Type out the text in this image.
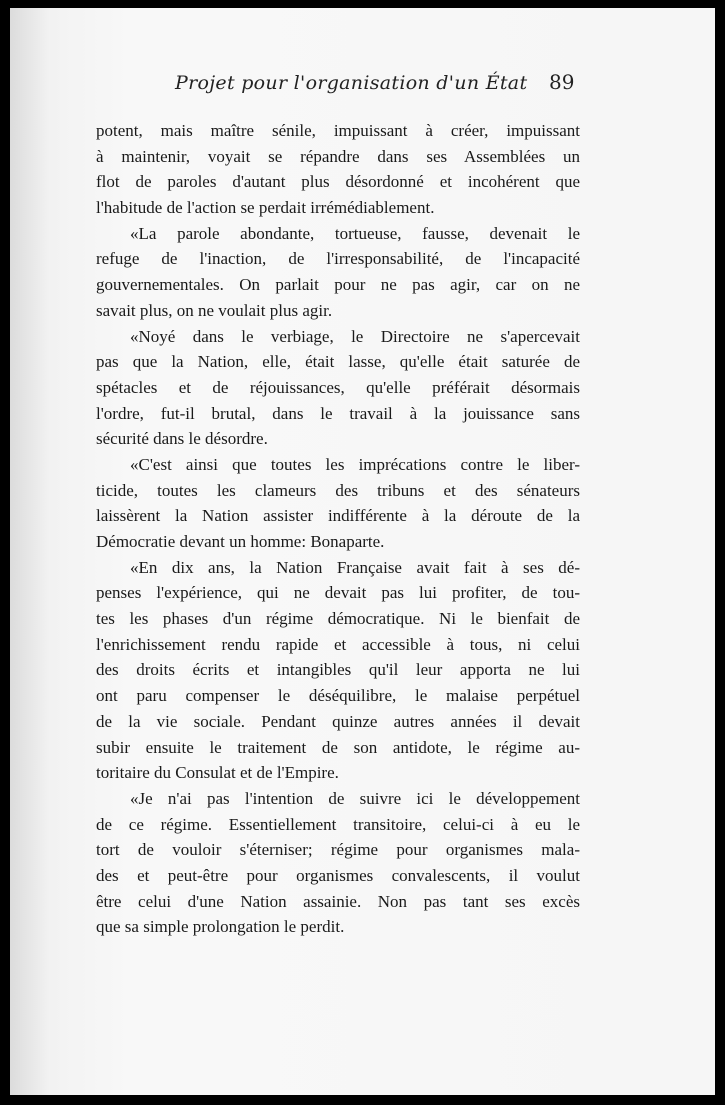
Projet pour l'organisation d'un État 89
potent, mais maître sénile, impuissant à créer, impuissant
à maintenir, voyait se répandre dans ses Assemblées un
flot de paroles d'autant plus désordonné et incohérent que
l'habitude de l'action se perdait irrémédiablement.
«La parole abondante, tortueuse, fausse, devenait le
refuge de l'inaction, de l'irresponsabilité, de l'incapacité
gouvernementales. On parlait pour ne pas agir, car on ne
savait plus, on ne voulait plus agir.
«Noyé dans le verbiage, le Directoire ne s'apercevait
pas que la Nation, elle, était lasse, qu'elle était saturée de
spétacles et de réjouissances, qu'elle préférait désormais
l'ordre, fut-il brutal, dans le travail à la jouissance sans
sécurité dans le désordre.
«C'est ainsi que toutes les imprécations contre le liber-
ticide, toutes les clameurs des tribuns et des sénateurs
laissèrent la Nation assister indifférente à la déroute de la
Démocratie devant un homme: Bonaparte.
«En dix ans, la Nation Française avait fait à ses dé-
penses l'expérience, qui ne devait pas lui profiter, de tou-
tes les phases d'un régime démocratique. Ni le bienfait de
l'enrichissement rendu rapide et accessible à tous, ni celui
des droits écrits et intangibles qu'il leur apporta ne lui
ont paru compenser le déséquilibre, le malaise perpétuel
de la vie sociale. Pendant quinze autres années il devait
subir ensuite le traitement de son antidote, le régime au-
toritaire du Consulat et de l'Empire.
«Je n'ai pas l'intention de suivre ici le développement
de ce régime. Essentiellement transitoire, celui-ci à eu le
tort de vouloir s'éterniser; régime pour organismes mala-
des et peut-être pour organismes convalescents, il voulut
être celui d'une Nation assainie. Non pas tant ses excès
que sa simple prolongation le perdit.
